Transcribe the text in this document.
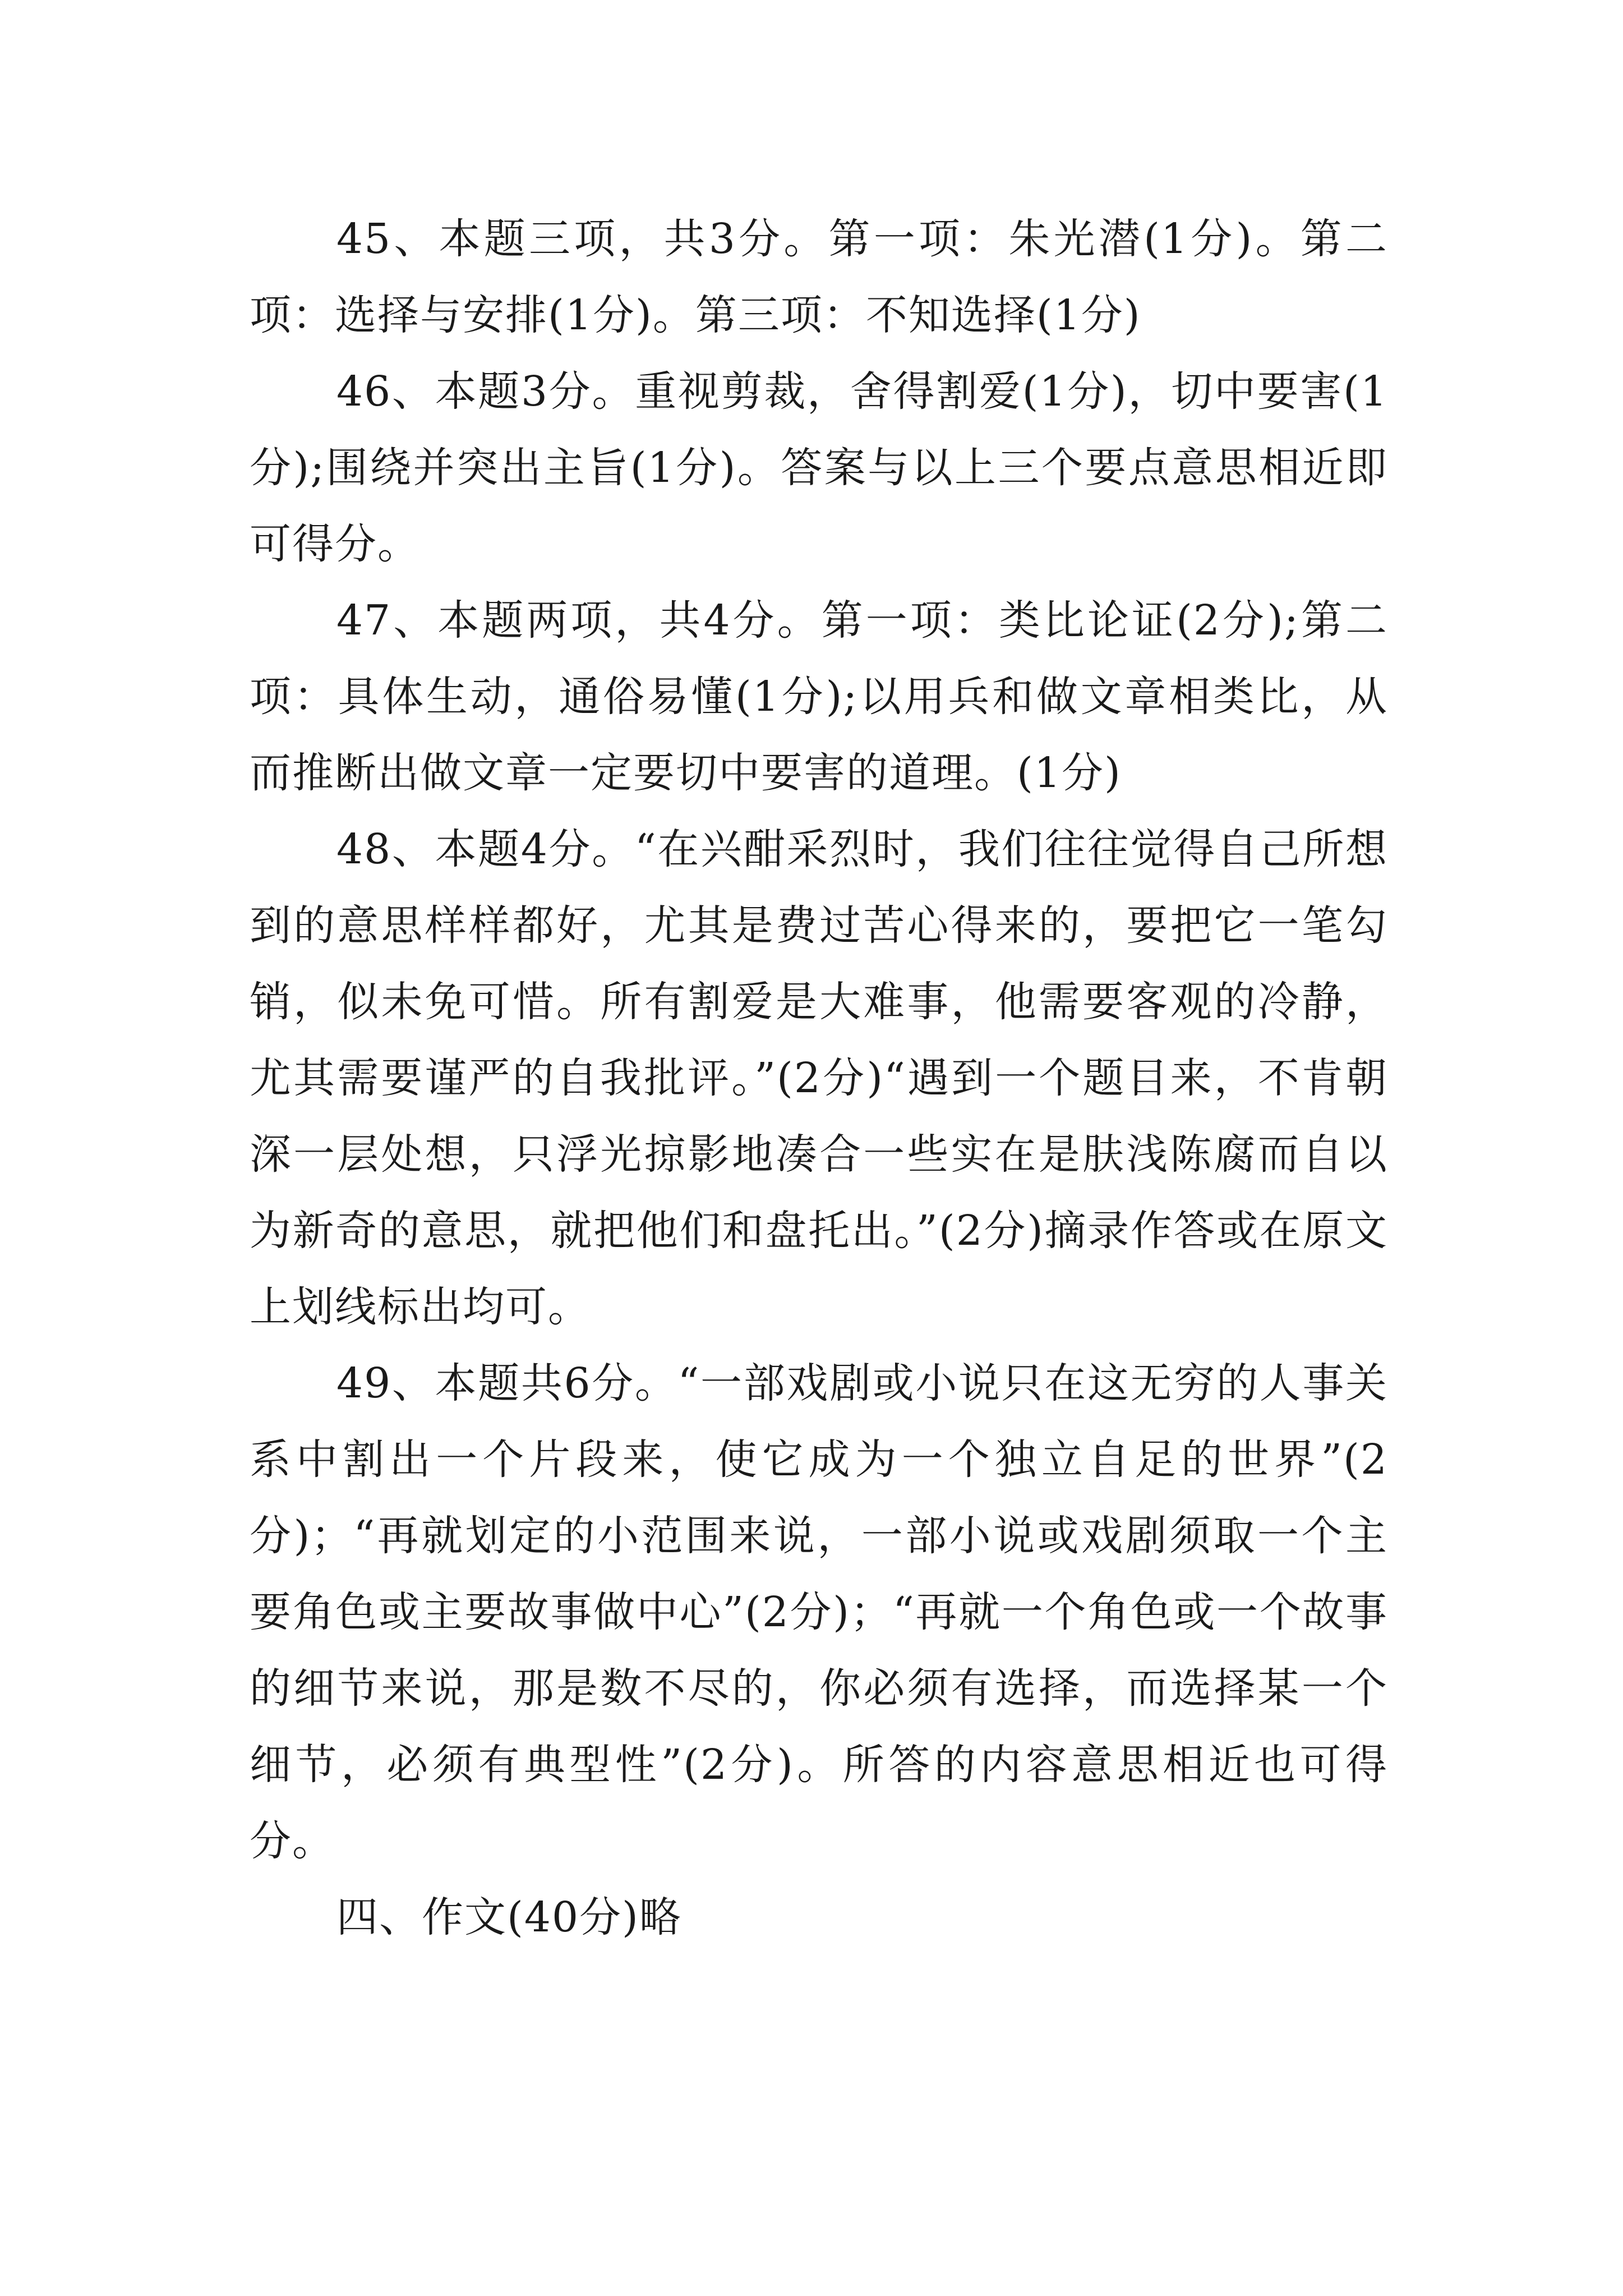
45、本题三项，共3分。第一项：朱光潜(1分)。第二项：选择与安排(1分)。第三项：不知选择(1分)

46、本题3分。重视剪裁，舍得割爱(1分)，切中要害(1分);围绕并突出主旨(1分)。答案与以上三个要点意思相近即可得分。

47、本题两项，共4分。第一项：类比论证(2分);第二项：具体生动，通俗易懂(1分);以用兵和做文章相类比，从而推断出做文章一定要切中要害的道理。(1分)

48、本题4分。“在兴酣采烈时，我们往往觉得自己所想到的意思样样都好，尤其是费过苦心得来的，要把它一笔勾销，似未免可惜。所有割爱是大难事，他需要客观的冷静，尤其需要谨严的自我批评。”(2分)“遇到一个题目来，不肯朝深一层处想，只浮光掠影地凑合一些实在是肤浅陈腐而自以为新奇的意思，就把他们和盘托出。”(2分)摘录作答或在原文上划线标出均可。

49、本题共6分。“一部戏剧或小说只在这无穷的人事关系中割出一个片段来，使它成为一个独立自足的世界”(2分)；“再就划定的小范围来说，一部小说或戏剧须取一个主要角色或主要故事做中心”(2分)；“再就一个角色或一个故事的细节来说，那是数不尽的，你必须有选择，而选择某一个细节，必须有典型性”(2分)。所答的内容意思相近也可得分。

四、作文(40分)略
